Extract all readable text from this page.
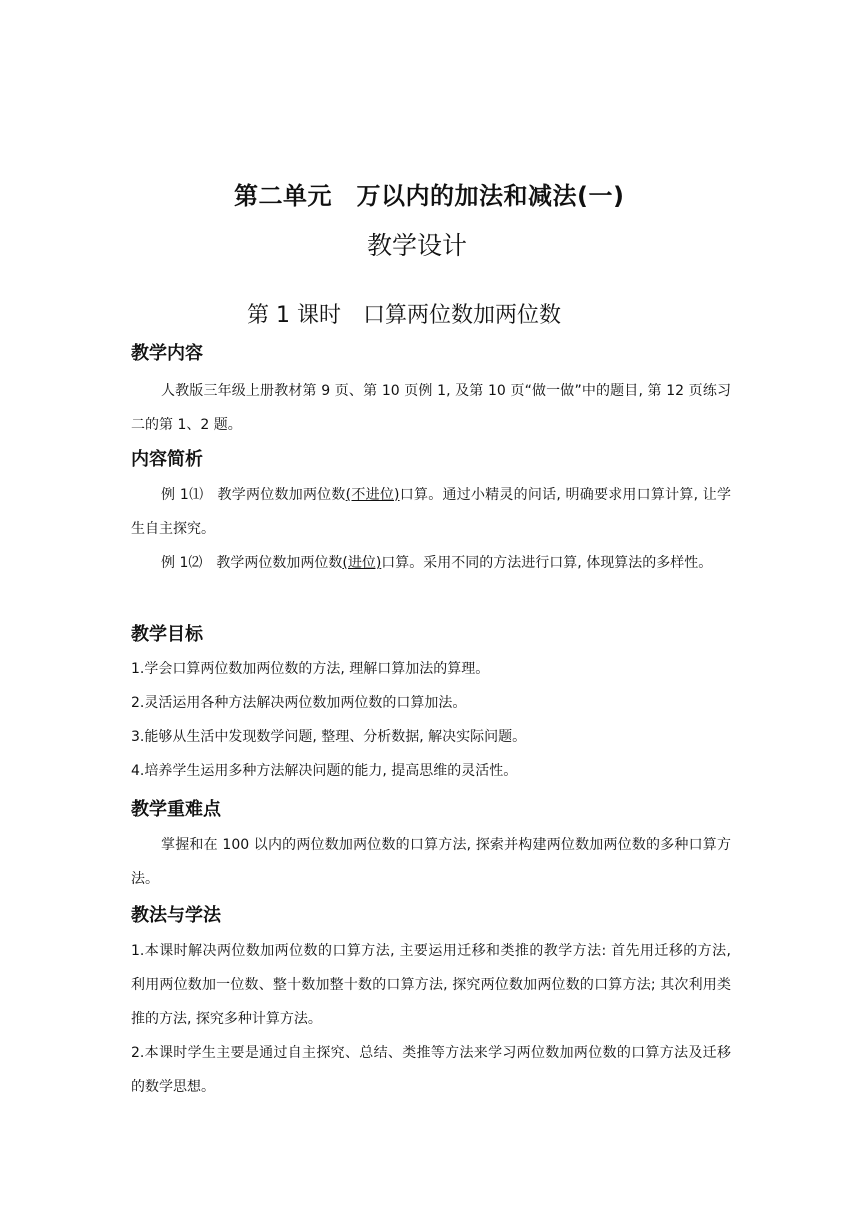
第二单元　万以内的加法和减法(一)
教学设计
第 1 课时　口算两位数加两位数
教学内容

人教版三年级上册教材第 9 页、第 10 页例 1, 及第 10 页“做一做”中的题目, 第 12 页练习二的第 1、2 题。

内容简析

例 1⑴　教学两位数加两位数(不进位)口算。通过小精灵的问话, 明确要求用口算计算, 让学生自主探究。

例 1⑵　教学两位数加两位数(进位)口算。采用不同的方法进行口算, 体现算法的多样性。

教学目标

1.学会口算两位数加两位数的方法, 理解口算加法的算理。

2.灵活运用各种方法解决两位数加两位数的口算加法。

3.能够从生活中发现数学问题, 整理、分析数据, 解决实际问题。

4.培养学生运用多种方法解决问题的能力, 提高思维的灵活性。

教学重难点

掌握和在 100 以内的两位数加两位数的口算方法, 探索并构建两位数加两位数的多种口算方法。

教法与学法

1.本课时解决两位数加两位数的口算方法, 主要运用迁移和类推的教学方法: 首先用迁移的方法, 利用两位数加一位数、整十数加整十数的口算方法, 探究两位数加两位数的口算方法; 其次利用类推的方法, 探究多种计算方法。

2.本课时学生主要是通过自主探究、总结、类推等方法来学习两位数加两位数的口算方法及迁移的数学思想。
